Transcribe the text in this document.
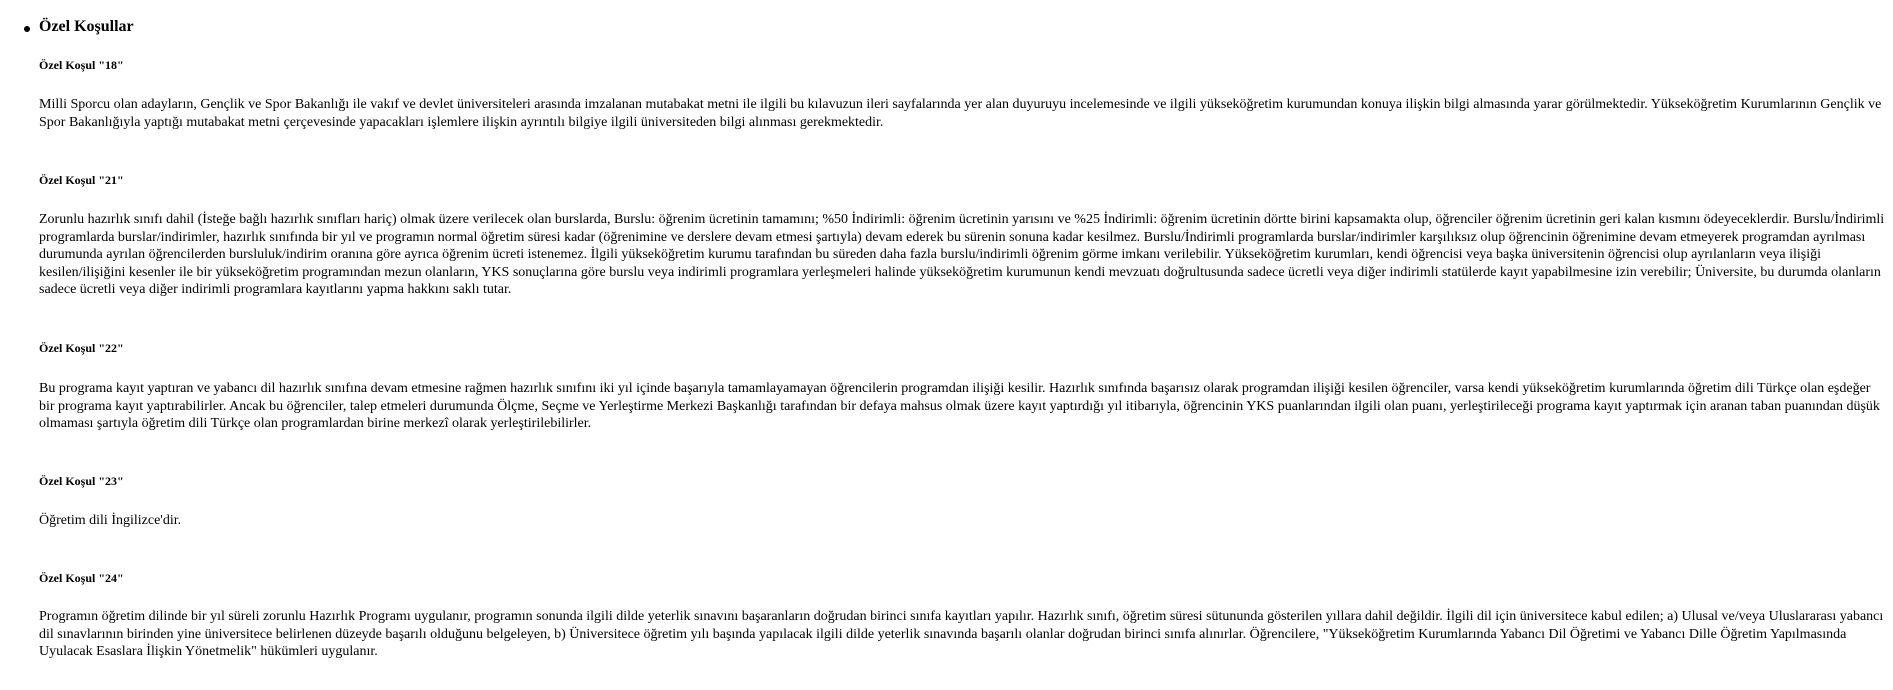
Özel Koşullar
Özel Koşul "18"

Milli Sporcu olan adayların, Gençlik ve Spor Bakanlığı ile vakıf ve devlet üniversiteleri arasında imzalanan mutabakat metni ile ilgili bu kılavuzun ileri sayfalarında yer alan duyuruyu incelemesinde ve ilgili yükseköğretim kurumundan konuya ilişkin bilgi almasında yarar görülmektedir. Yükseköğretim Kurumlarının Gençlik ve Spor Bakanlığıyla yaptığı mutabakat metni çerçevesinde yapacakları işlemlere ilişkin ayrıntılı bilgiye ilgili üniversiteden bilgi alınması gerekmektedir.

Özel Koşul "21"

Zorunlu hazırlık sınıfı dahil (İsteğe bağlı hazırlık sınıfları hariç) olmak üzere verilecek olan burslarda, Burslu: öğrenim ücretinin tamamını; %50 İndirimli: öğrenim ücretinin yarısını ve %25 İndirimli: öğrenim ücretinin dörtte birini kapsamakta olup, öğrenciler öğrenim ücretinin geri kalan kısmını ödeyeceklerdir. Burslu/İndirimli programlarda burslar/indirimler, hazırlık sınıfında bir yıl ve programın normal öğretim süresi kadar (öğrenimine ve derslere devam etmesi şartıyla) devam ederek bu sürenin sonuna kadar kesilmez. Burslu/İndirimli programlarda burslar/indirimler karşılıksız olup öğrencinin öğrenimine devam etmeyerek programdan ayrılması durumunda ayrılan öğrencilerden bursluluk/indirim oranına göre ayrıca öğrenim ücreti istenemez. İlgili yükseköğretim kurumu tarafından bu süreden daha fazla burslu/indirimli öğrenim görme imkanı verilebilir. Yükseköğretim kurumları, kendi öğrencisi veya başka üniversitenin öğrencisi olup ayrılanların veya ilişiği kesilen/ilişiğini kesenler ile bir yükseköğretim programından mezun olanların, YKS sonuçlarına göre burslu veya indirimli programlara yerleşmeleri halinde yükseköğretim kurumunun kendi mevzuatı doğrultusunda sadece ücretli veya diğer indirimli statülerde kayıt yapabilmesine izin verebilir; Üniversite, bu durumda olanların sadece ücretli veya diğer indirimli programlara kayıtlarını yapma hakkını saklı tutar.

Özel Koşul "22"

Bu programa kayıt yaptıran ve yabancı dil hazırlık sınıfına devam etmesine rağmen hazırlık sınıfını iki yıl içinde başarıyla tamamlayamayan öğrencilerin programdan ilişiği kesilir. Hazırlık sınıfında başarısız olarak programdan ilişiği kesilen öğrenciler, varsa kendi yükseköğretim kurumlarında öğretim dili Türkçe olan eşdeğer bir programa kayıt yaptırabilirler. Ancak bu öğrenciler, talep etmeleri durumunda Ölçme, Seçme ve Yerleştirme Merkezi Başkanlığı tarafından bir defaya mahsus olmak üzere kayıt yaptırdığı yıl itibarıyla, öğrencinin YKS puanlarından ilgili olan puanı, yerleştirileceği programa kayıt yaptırmak için aranan taban puanından düşük olmaması şartıyla öğretim dili Türkçe olan programlardan birine merkezî olarak yerleştirilebilirler.

Özel Koşul "23"

Öğretim dili İngilizce'dir.

Özel Koşul "24"

Programın öğretim dilinde bir yıl süreli zorunlu Hazırlık Programı uygulanır, programın sonunda ilgili dilde yeterlik sınavını başaranların doğrudan birinci sınıfa kayıtları yapılır. Hazırlık sınıfı, öğretim süresi sütununda gösterilen yıllara dahil değildir. İlgili dil için üniversitece kabul edilen; a) Ulusal ve/veya Uluslararası yabancı dil sınavlarının birinden yine üniversitece belirlenen düzeyde başarılı olduğunu belgeleyen, b) Üniversitece öğretim yılı başında yapılacak ilgili dilde yeterlik sınavında başarılı olanlar doğrudan birinci sınıfa alınırlar. Öğrencilere, "Yükseköğretim Kurumlarında Yabancı Dil Öğretimi ve Yabancı Dille Öğretim Yapılmasında Uyulacak Esaslara İlişkin Yönetmelik" hükümleri uygulanır.
